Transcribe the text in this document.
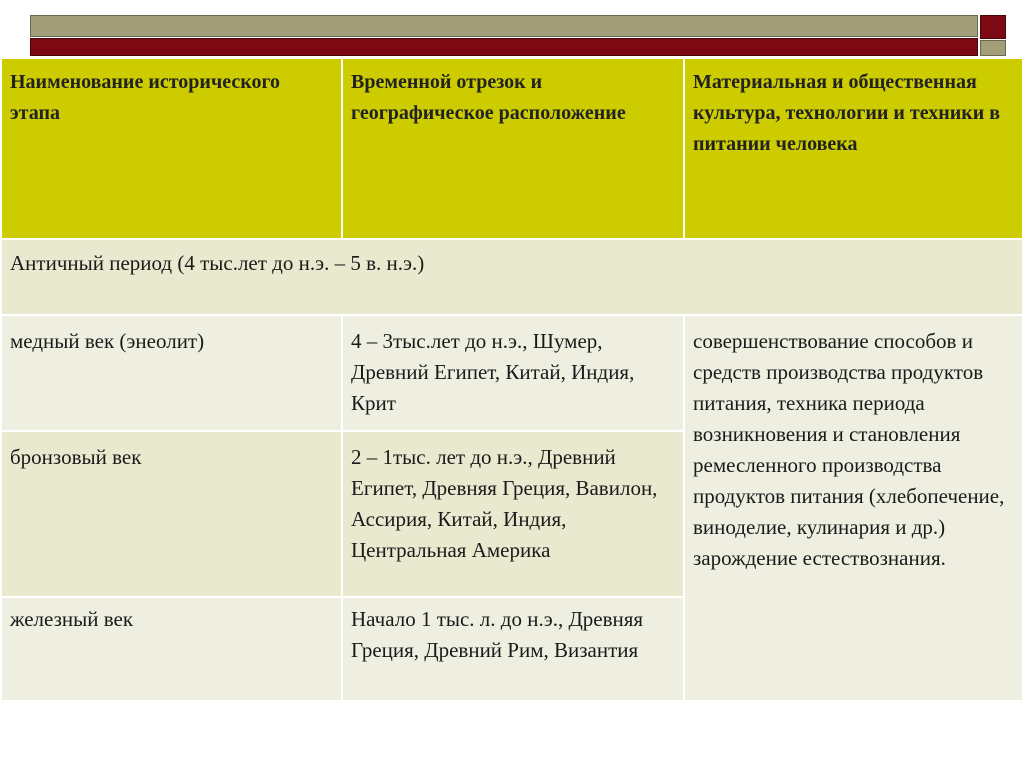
Наименование исторического этапа	Временной отрезок и географическое расположение	Материальная и общественная культура, технологии и техники в питании человека
Античный период (4 тыс.лет до н.э. – 5 в. н.э.)		
медный век (энеолит)	4 – 3тыс.лет до н.э., Шумер, Древний Египет, Китай, Индия, Крит	совершенствование способов и средств производства продуктов питания, техника периода возникновения и становления ремесленного производства продуктов питания (хлебопечение, виноделие, кулинария и др.) зарождение естествознания.
бронзовый век	2 – 1тыс. лет до н.э., Древний Египет, Древняя Греция, Вавилон, Ассирия, Китай, Индия, Центральная Америка	
железный век	Начало 1 тыс. л. до н.э., Древняя Греция, Древний Рим, Византия	
